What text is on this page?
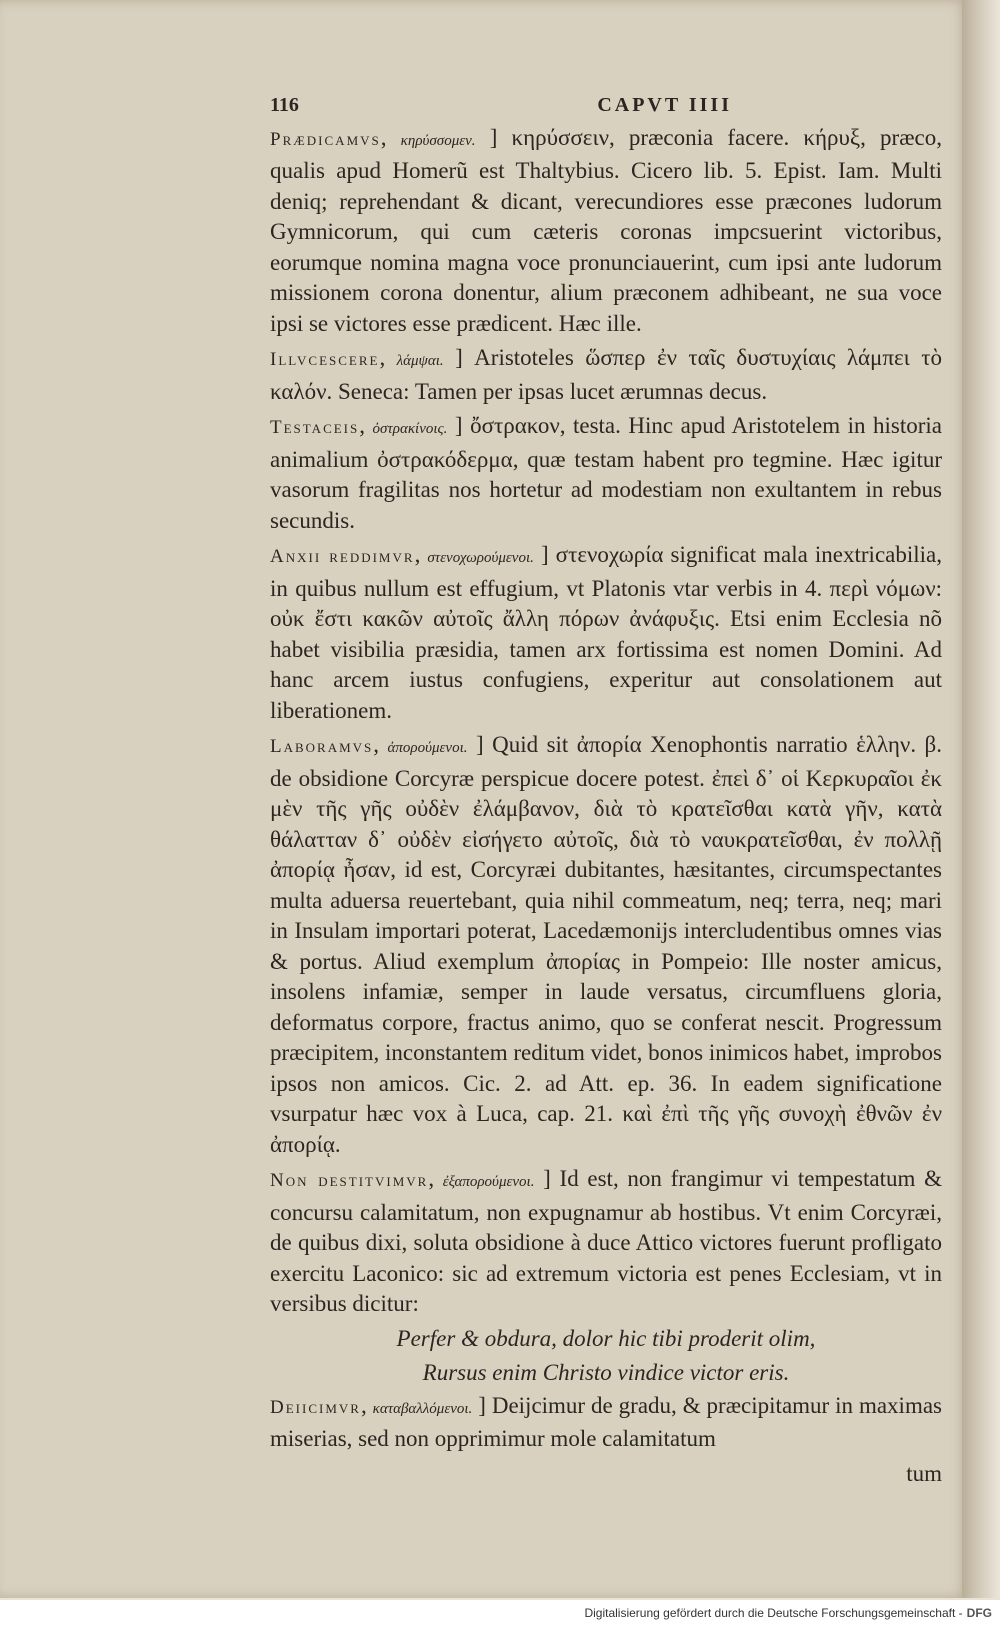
116	CAPVT IIII

Prædicamvs, κηρύσσομεν. ] κηρύσσειν, præconia facere. κήρυξ, præco, qualis apud Homerũ est Thaltybius. Cicero lib. 5. Epist. Iam. Multi deniq; reprehendant & dicant, verecundiores esse præcones ludorum Gymnicorum, qui cum cæteris coronas impcsuerint victoribus, eorumque nomina magna voce pronunciauerint, cum ipsi ante ludorum missionem corona donentur, alium præconem adhibeant, ne sua voce ipsi se victores esse prædicent. Hæc ille.

Illvcescere, λάμψαι. ] Aristoteles ὥσπερ ἐν ταῖς δυστυχίαις λάμπει τὸ καλόν. Seneca: Tamen per ipsas lucet ærumnas decus.

Testaceis, ὀστρακίνοις. ] ὄστρακον, testa. Hinc apud Aristotelem in historia animalium ὀστρακόδερμα, quæ testam habent pro tegmine. Hæc igitur vasorum fragilitas nos hortetur ad modestiam non exultantem in rebus secundis.

Anxii reddimvr, στενοχωρούμενοι. ] στενοχωρία significat mala inextricabilia, in quibus nullum est effugium, vt Platonis vtar verbis in 4. περὶ νόμων: οὐκ ἔστι κακῶν αὐτοῖς ἄλλη πόρων ἀνάφυξις. Etsi enim Ecclesia nõ habet visibilia præsidia, tamen arx fortissima est nomen Domini. Ad hanc arcem iustus confugiens, experitur aut consolationem aut liberationem.

Laboramvs, ἀπορούμενοι. ] Quid sit ἀπορία Xenophontis narratio ἑλλην. β. de obsidione Corcyræ perspicue docere potest. ἐπεὶ δ᾽ οἱ Κερκυραῖοι ἐκ μὲν τῆς γῆς οὐδὲν ἐλάμβανον, διὰ τὸ κρατεῖσθαι κατὰ γῆν, κατὰ θάλατταν δ᾽ οὐδὲν εἰσήγετο αὐτοῖς, διὰ τὸ ναυκρατεῖσθαι, ἐν πολλῇ ἀπορίᾳ ἦσαν, id est, Corcyræi dubitantes, hæsitantes, circumspectantes multa aduersa reuertebant, quia nihil commeatum, neq; terra, neq; mari in Insulam importari poterat, Lacedæmonijs intercludentibus omnes vias & portus. Aliud exemplum ἀπορίας in Pompeio: Ille noster amicus, insolens infamiæ, semper in laude versatus, circumfluens gloria, deformatus corpore, fractus animo, quo se conferat nescit. Progressum præcipitem, inconstantem reditum videt, bonos inimicos habet, improbos ipsos non amicos. Cic. 2. ad Att. ep. 36. In eadem significatione vsurpatur hæc vox à Luca, cap. 21. καὶ ἐπὶ τῆς γῆς συνοχὴ ἐθνῶν ἐν ἀπορίᾳ.

Non destitvimvr, ἐξαπορούμενοι. ] Id est, non frangimur vi tempestatum & concursu calamitatum, non expugnamur ab hostibus. Vt enim Corcyræi, de quibus dixi, soluta obsidione à duce Attico victores fuerunt profligato exercitu Laconico: sic ad extremum victoria est penes Ecclesiam, vt in versibus dicitur:

Perfer & obdura, dolor hic tibi proderit olim,
Rursus enim Christo vindice victor eris.

Deiicimvr, καταβαλλόμενοι. ] Deijcimur de gradu, & præcipitamur in maximas miserias, sed non opprimimur mole calamitatum

tum
Digitalisierung gefördert durch die Deutsche Forschungsgemeinschaft - DFG
